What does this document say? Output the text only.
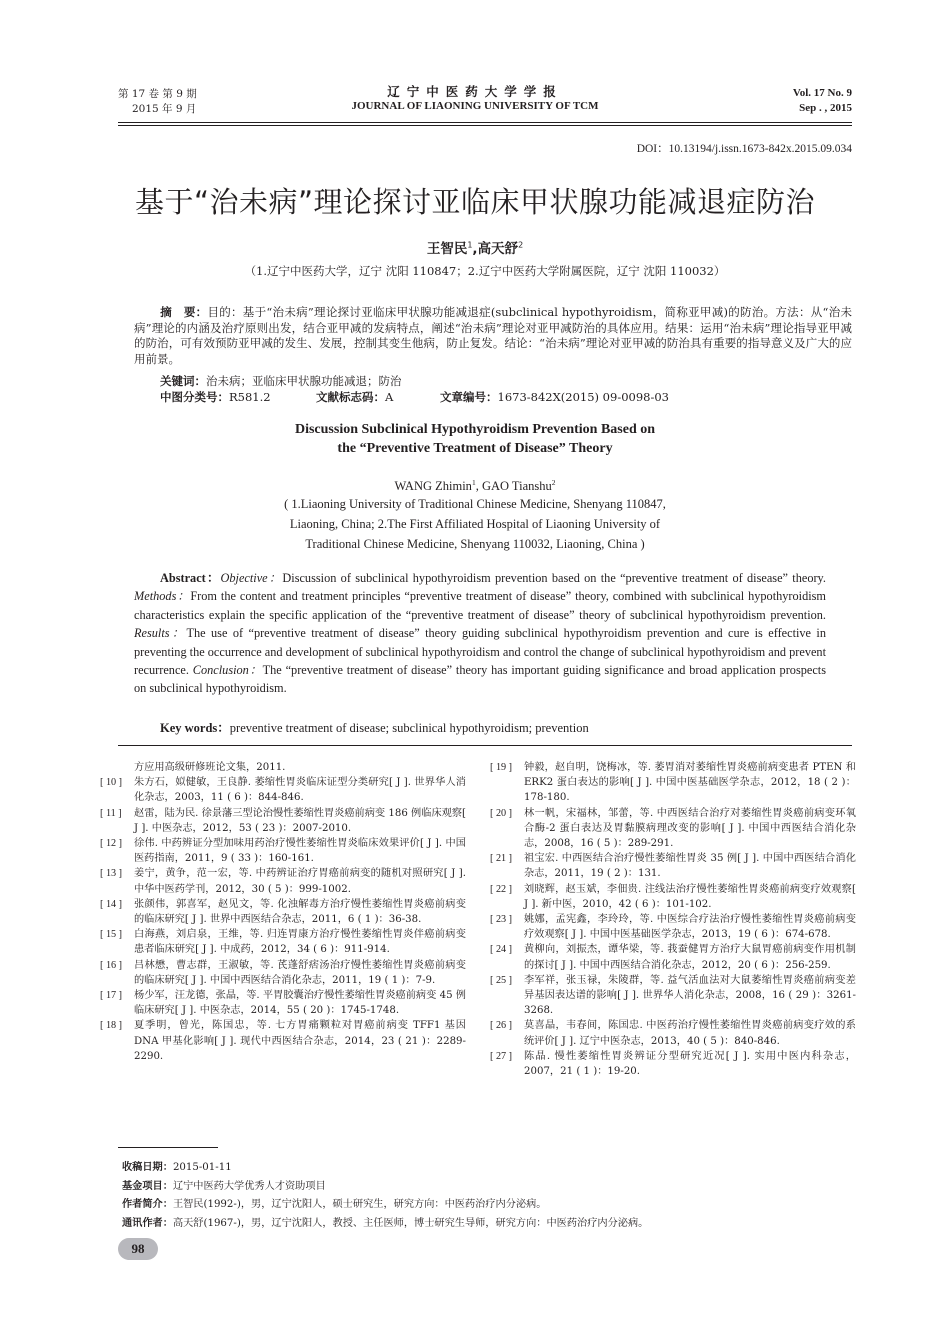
第 17 卷 第 9 期
2015 年 9 月
辽宁中医药大学学报
JOURNAL OF LIAONING UNIVERSITY OF TCM
Vol. 17 No. 9
Sep . , 2015
DOI：10.13194/j.issn.1673-842x.2015.09.034
基于“治未病”理论探讨亚临床甲状腺功能减退症防治
王智民$^1$,高天舒$^2$
（1.辽宁中医药大学，辽宁 沈阳 110847；2.辽宁中医药大学附属医院，辽宁 沈阳 110032）
摘　要：目的：基于“治未病”理论探讨亚临床甲状腺功能减退症(subclinical hypothyroidism，简称亚甲减)的防治。方法：从“治未病”理论的内涵及治疗原则出发，结合亚甲减的发病特点，阐述“治未病”理论对亚甲减防治的具体应用。结果：运用“治未病”理论指导亚甲减的防治，可有效预防亚甲减的发生、发展，控制其变生他病，防止复发。结论：“治未病”理论对亚甲减的防治具有重要的指导意义及广大的应用前景。
关键词：治未病；亚临床甲状腺功能减退；防治
中图分类号：R581.2	文献标志码：A	文章编号：1673-842X(2015) 09-0098-03
Discussion Subclinical Hypothyroidism Prevention Based on
the “Preventive Treatment of Disease” Theory
WANG Zhimin$^1$, GAO Tianshu$^2$
( 1.Liaoning University of Traditional Chinese Medicine, Shenyang 110847,
Liaoning, China; 2.The First Affiliated Hospital of Liaoning University of
Traditional Chinese Medicine, Shenyang 110032, Liaoning, China )
Abstract：Objective：Discussion of subclinical hypothyroidism prevention based on the “preventive treatment of disease” theory. Methods：From the content and treatment principles “preventive treatment of disease” theory, combined with subclinical hypothyroidism characteristics explain the specific application of the “preventive treatment of disease” theory of subclinical hypothyroidism prevention. Results：The use of “preventive treatment of disease” theory guiding subclinical hypothyroidism prevention and cure is effective in preventing the occurrence and development of subclinical hypothyroidism and control the change of subclinical hypothyroidism and prevent recurrence. Conclusion：The “preventive treatment of disease” theory has important guiding significance and broad application prospects on subclinical hypothyroidism.
Key words：preventive treatment of disease; subclinical hypothyroidism; prevention
方应用高级研修班论文集，2011.
[ 10 ]	朱方石，姒健敏，王良静. 萎缩性胃炎临床证型分类研究[ J ]. 世界华人消化杂志，2003，11 ( 6 )：844-846.
[ 11 ]	赵雷，陆为民. 徐景藩三型论治慢性萎缩性胃炎癌前病变 186 例临床观察[ J ]. 中医杂志，2012，53 ( 23 )：2007-2010.
[ 12 ]	徐伟. 中药辨证分型加味用药治疗慢性萎缩性胃炎临床效果评价[ J ]. 中国医药指南，2011，9 ( 33 )：160-161.
[ 13 ]	姜宁，黄争，范一宏，等. 中药辨证治疗胃癌前病变的随机对照研究[ J ]. 中华中医药学刊，2012，30 ( 5 )：999-1002.
[ 14 ]	张颜伟，郭喜军，赵见文，等. 化浊解毒方治疗慢性萎缩性胃炎癌前病变的临床研究[ J ]. 世界中西医结合杂志，2011，6 ( 1 )：36-38.
[ 15 ]	白海燕，刘启泉，王维，等. 归连胃康方治疗慢性萎缩性胃炎伴癌前病变患者临床研究[ J ]. 中成药，2012，34 ( 6 )：911-914.
[ 16 ]	吕林懋，曹志群，王淑敏，等. 芪蓬舒痞汤治疗慢性萎缩性胃炎癌前病变的临床研究[ J ]. 中国中西医结合消化杂志，2011，19 ( 1 )：7-9.
[ 17 ]	杨少军，汪龙德，张晶，等. 平胃胶囊治疗慢性萎缩性胃炎癌前病变 45 例临床研究[ J ]. 中医杂志，2014，55 ( 20 )：1745-1748.
[ 18 ]	夏季明，曾光，陈国忠，等. 七方胃痛颗粒对胃癌前病变 TFF1 基因 DNA 甲基化影响[ J ]. 现代中西医结合杂志，2014，23 ( 21 )：2289-2290.
[ 19 ]	钟毅，赵自明，饶梅冰，等. 萎胃消对萎缩性胃炎癌前病变患者 PTEN 和 ERK2 蛋白表达的影响[ J ]. 中国中医基础医学杂志，2012，18 ( 2 )：178-180.
[ 20 ]	林一帆，宋福林，邹蕾，等. 中西医结合治疗对萎缩性胃炎癌前病变环氧合酶-2 蛋白表达及胃黏膜病理改变的影响[ J ]. 中国中西医结合消化杂志，2008，16 ( 5 )：289-291.
[ 21 ]	祖宝宏. 中西医结合治疗慢性萎缩性胃炎 35 例[ J ]. 中国中西医结合消化杂志，2011，19 ( 2 )：131.
[ 22 ]	刘晓辉，赵玉斌，李佃贵. 注线法治疗慢性萎缩性胃炎癌前病变疗效观察[ J ]. 新中医，2010，42 ( 6 )：101-102.
[ 23 ]	姚娜，孟宪鑫，李玲玲，等. 中医综合疗法治疗慢性萎缩性胃炎癌前病变疗效观察[ J ]. 中国中医基础医学杂志，2013，19 ( 6 )：674-678.
[ 24 ]	黄柳向，刘振杰，谭华梁，等. 莪蚕健胃方治疗大鼠胃癌前病变作用机制的探讨[ J ]. 中国中西医结合消化杂志，2012，20 ( 6 )：256-259.
[ 25 ]	李军祥，张玉禄，朱陵群，等. 益气活血法对大鼠萎缩性胃炎癌前病变差异基因表达谱的影响[ J ]. 世界华人消化杂志，2008，16 ( 29 )：3261-3268.
[ 26 ]	莫喜晶，韦春间，陈国忠. 中医药治疗慢性萎缩性胃炎癌前病变疗效的系统评价[ J ]. 辽宁中医杂志，2013，40 ( 5 )：840-846.
[ 27 ]	陈晶. 慢性萎缩性胃炎辨证分型研究近况[ J ]. 实用中医内科杂志，2007，21 ( 1 )：19-20.
收稿日期：2015-01-11
基金项目：辽宁中医药大学优秀人才资助项目
作者简介：王智民(1992-)，男，辽宁沈阳人，硕士研究生，研究方向：中医药治疗内分泌病。
通讯作者：高天舒(1967-)，男，辽宁沈阳人，教授、主任医师，博士研究生导师，研究方向：中医药治疗内分泌病。
98
